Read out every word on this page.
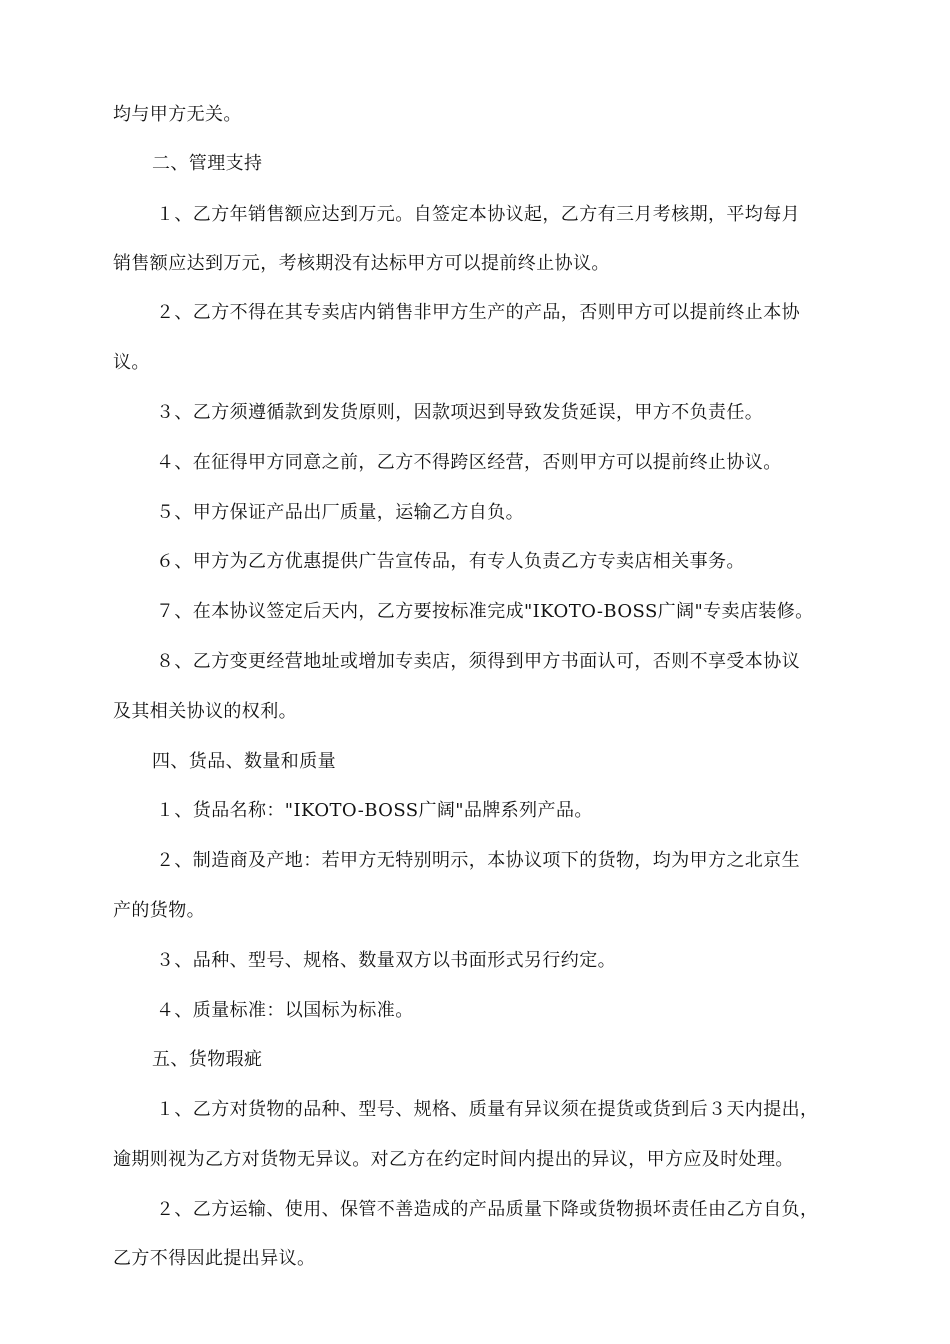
均与甲方无关。
二、管理支持
１、乙方年销售额应达到万元。自签定本协议起，乙方有三月考核期，平均每月
销售额应达到万元，考核期没有达标甲方可以提前终止协议。
２、乙方不得在其专卖店内销售非甲方生产的产品，否则甲方可以提前终止本协
议。
３、乙方须遵循款到发货原则，因款项迟到导致发货延误，甲方不负责任。
４、在征得甲方同意之前，乙方不得跨区经营，否则甲方可以提前终止协议。
５、甲方保证产品出厂质量，运输乙方自负。
６、甲方为乙方优惠提供广告宣传品，有专人负责乙方专卖店相关事务。
７、在本协议签定后天内，乙方要按标准完成"IKOTO-BOSS广阔"专卖店装修。
８、乙方变更经营地址或增加专卖店，须得到甲方书面认可，否则不享受本协议
及其相关协议的权利。
四、货品、数量和质量
１、货品名称："IKOTO-BOSS广阔"品牌系列产品。
２、制造商及产地：若甲方无特别明示，本协议项下的货物，均为甲方之北京生
产的货物。
３、品种、型号、规格、数量双方以书面形式另行约定。
４、质量标准：以国标为标准。
五、货物瑕疵
１、乙方对货物的品种、型号、规格、质量有异议须在提货或货到后３天内提出，
逾期则视为乙方对货物无异议。对乙方在约定时间内提出的异议，甲方应及时处理。
２、乙方运输、使用、保管不善造成的产品质量下降或货物损坏责任由乙方自负，
乙方不得因此提出异议。
